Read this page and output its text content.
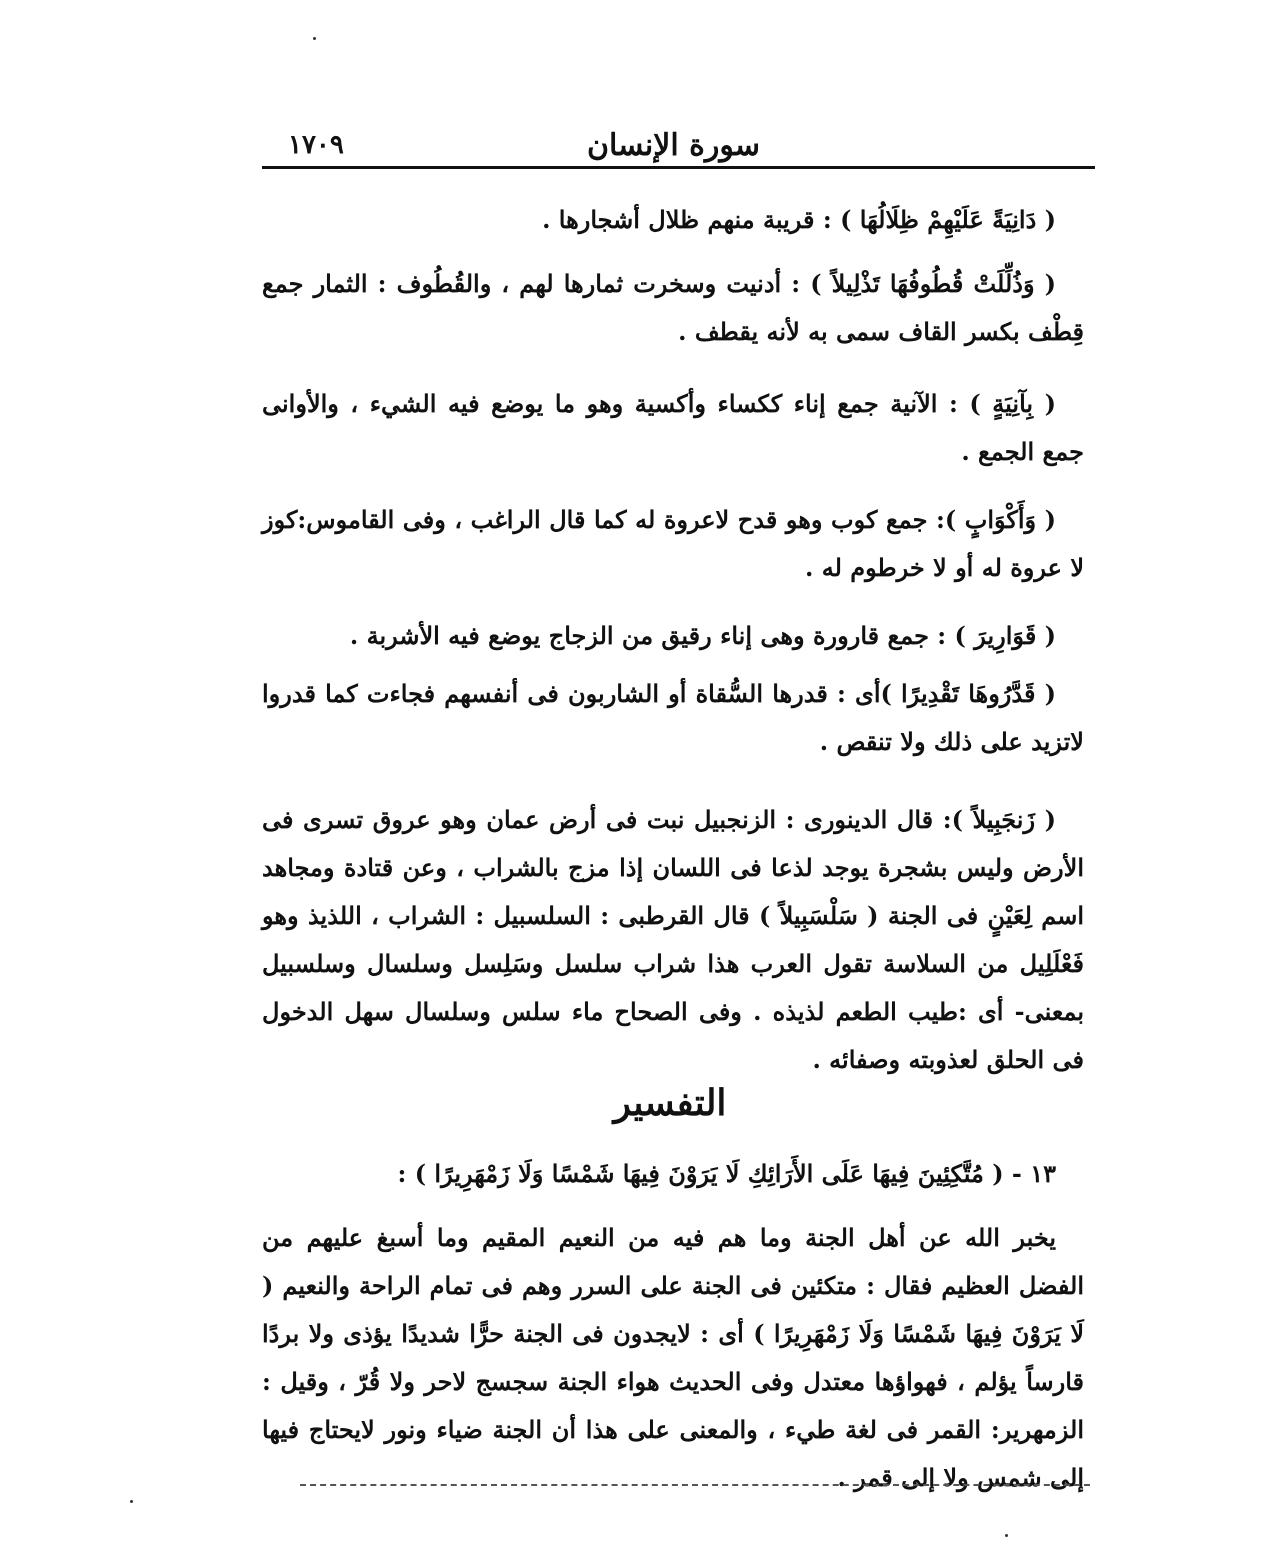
سورة الإنسان
١٧٠٩

( دَانِيَةً عَلَيْهِمْ ظِلَالُهَا ) : قريبة منهم ظلال أشجارها .

( وَذُلِّلَتْ قُطُوفُهَا تَذْلِيلاً ) : أدنيت وسخرت ثمارها لهم ، والقُطُوف : الثمار جمع قِطْف بكسر القاف سمى به لأنه يقطف .

( بِآنِيَةٍ ) : الآنية جمع إناء ككساء وأكسية وهو ما يوضع فيه الشيء ، والأوانى جمع الجمع .

( وَأَكْوَابٍ ): جمع كوب وهو قدح لاعروة له كما قال الراغب ، وفى القاموس:كوز لا عروة له أو لا خرطوم له .

( قَوَارِيرَ ) : جمع قارورة وهى إناء رقيق من الزجاج يوضع فيه الأشربة .

( قَدَّرُوهَا تَقْدِيرًا )أى : قدرها السُّقاة أو الشاربون فى أنفسهم فجاءت كما قدروا لاتزيد على ذلك ولا تنقص .

( زَنجَبِيلاً ): قال الدينورى : الزنجبيل نبت فى أرض عمان وهو عروق تسرى فى الأرض وليس بشجرة يوجد لذعا فى اللسان إذا مزج بالشراب ، وعن قتادة ومجاهد اسم لِعَيْنٍ فى الجنة ( سَلْسَبِيلاً ) قال القرطبى : السلسبيل : الشراب ، اللذيذ وهو فَعْلَلِيل من السلاسة تقول العرب هذا شراب سلسل وسَلِسل وسلسال وسلسبيل بمعنى- أى :طيب الطعم لذيذه . وفى الصحاح ماء سلس وسلسال سهل الدخول فى الحلق لعذوبته وصفائه .

التفسير

١٣ - ( مُتَّكِئِينَ فِيهَا عَلَى الأَرَائِكِ لَا يَرَوْنَ فِيهَا شَمْسًا وَلَا زَمْهَرِيرًا ) :

يخبر الله عن أهل الجنة وما هم فيه من النعيم المقيم وما أسبغ عليهم من الفضل العظيم فقال : متكئين فى الجنة على السرر وهم فى تمام الراحة والنعيم ( لَا يَرَوْنَ فِيهَا شَمْسًا وَلَا زَمْهَرِيرًا ) أى : لايجدون فى الجنة حرًّا شديدًا يؤذى ولا بردًا قارساً يؤلم ، فهواؤها معتدل وفى الحديث هواء الجنة سجسج لاحر ولا قُرّ ، وقيل : الزمهرير: القمر فى لغة طيء ، والمعنى على هذا أن الجنة ضياء ونور لايحتاج فيها إلى شمس ولا إلى قمر .
